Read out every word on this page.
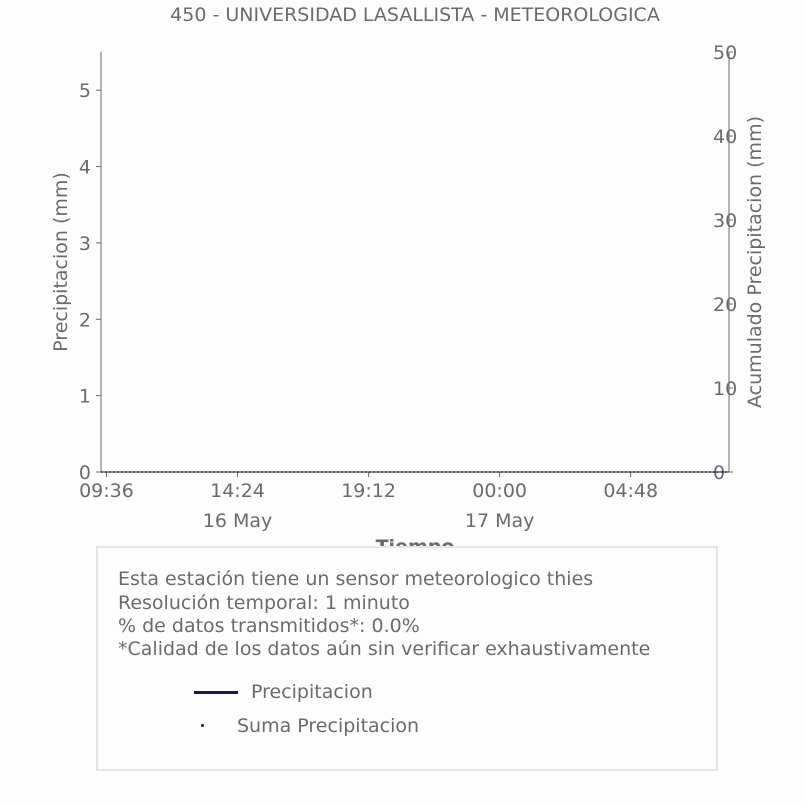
450 - UNIVERSIDAD LASALLISTA - METEOROLOGICA
0
1
2
3
4
5
0
10
20
30
40
50
09:36	14:24
16 May
19:12	00:00
17 May
04:48
Precipitacion (mm)	Acumulado Precipitacion (mm)
Esta estación tiene un sensor meteorologico thies
Resolución temporal: 1 minuto
% de datos transmitidos*: 0.0%
*Calidad de los datos aún sin verificar exhaustivamente
Precipitacion
Suma Precipitacion
